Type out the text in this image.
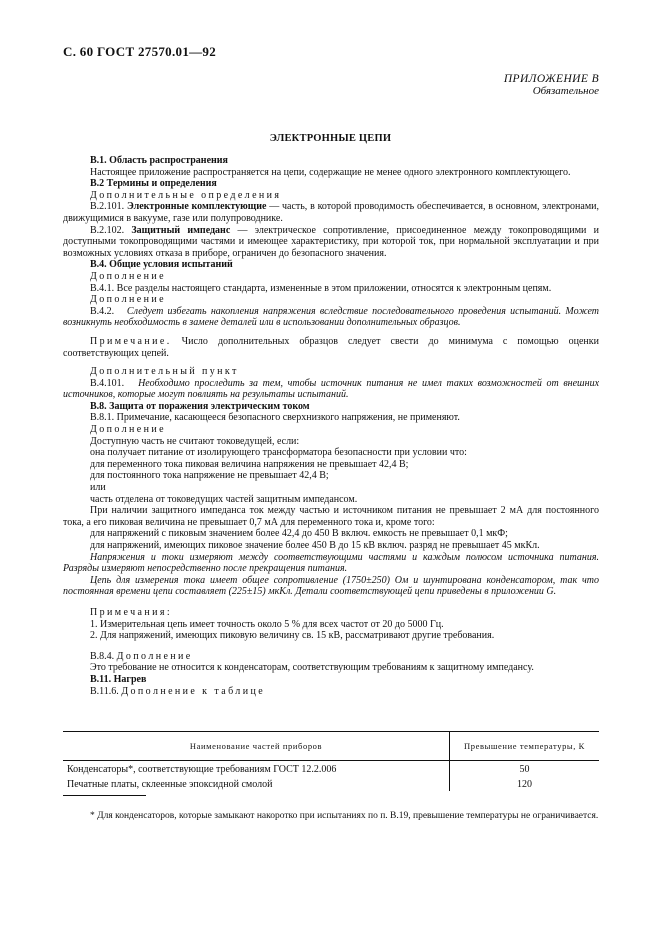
С. 60 ГОСТ 27570.01—92
ПРИЛОЖЕНИЕ В
Обязательное
ЭЛЕКТРОННЫЕ ЦЕПИ

B.1. Область распространения

Настоящее приложение распространяется на цепи, содержащие не менее одного электронного комплектующего.

B.2 Термины и определения

Дополнительные определения

B.2.101. Электронные комплектующие — часть, в которой проводимость обеспечивается, в основном, электронами, движущимися в вакууме, газе или полупроводнике.

B.2.102. Защитный импеданс — электрическое сопротивление, присоединенное между токопроводящими и доступными токопроводящими частями и имеющее характеристику, при которой ток, при нормальной эксплуатации и при возможных условиях отказа в приборе, ограничен до безопасного значения.

B.4. Общие условия испытаний

Дополнение

B.4.1. Все разделы настоящего стандарта, измененные в этом приложении, относятся к электронным цепям.

Дополнение

B.4.2. Следует избегать накопления напряжения вследствие последовательного проведения испытаний. Может возникнуть необходимость в замене деталей или в использовании дополнительных образцов.

Примечание. Число дополнительных образцов следует свести до минимума с помощью оценки соответствующих цепей.

Дополнительный пункт

B.4.101. Необходимо проследить за тем, чтобы источник питания не имел таких возможностей от внешних источников, которые могут повлиять на результаты испытаний.

B.8. Защита от поражения электрическим током

B.8.1. Примечание, касающееся безопасного сверхнизкого напряжения, не применяют.

Дополнение

Доступную часть не считают токоведущей, если:

она получает питание от изолирующего трансформатора безопасности при условии что:

для переменного тока пиковая величина напряжения не превышает 42,4 В;

для постоянного тока напряжение не превышает 42,4 В;

или

часть отделена от токоведущих частей защитным импедансом.

При наличии защитного импеданса ток между частью и источником питания не превышает 2 мА для постоянного тока, а его пиковая величина не превышает 0,7 мА для переменного тока и, кроме того:

для напряжений с пиковым значением более 42,4 до 450 В включ. емкость не превышает 0,1 мкФ;

для напряжений, имеющих пиковое значение более 450 В до 15 кВ включ. разряд не превышает 45 мкКл.

Напряжения и токи измеряют между соответствующими частями и каждым полюсом источника питания. Разряды измеряют непосредственно после прекращения питания.

Цепь для измерения тока имеет общее сопротивление (1750±250) Ом и шунтирована конденсатором, так что постоянная времени цепи составляет (225±15) мкКл. Детали соответствующей цепи приведены в приложении G.

Примечания:

1. Измерительная цепь имеет точность около 5 % для всех частот от 20 до 5000 Гц.

2. Для напряжений, имеющих пиковую величину св. 15 кВ, рассматривают другие требования.

B.8.4. Дополнение

Это требование не относится к конденсаторам, соответствующим требованиям к защитному импедансу.

B.11. Нагрев

B.11.6. Дополнение к таблице

Наименование частей приборов	Превышение температуры, К
Конденсаторы*, соответствующие требованиям ГОСТ 12.2.006	50
Печатные платы, склеенные эпоксидной смолой	120

* Для конденсаторов, которые замыкают накоротко при испытаниях по п. B.19, превышение температуры не ограничивается.
